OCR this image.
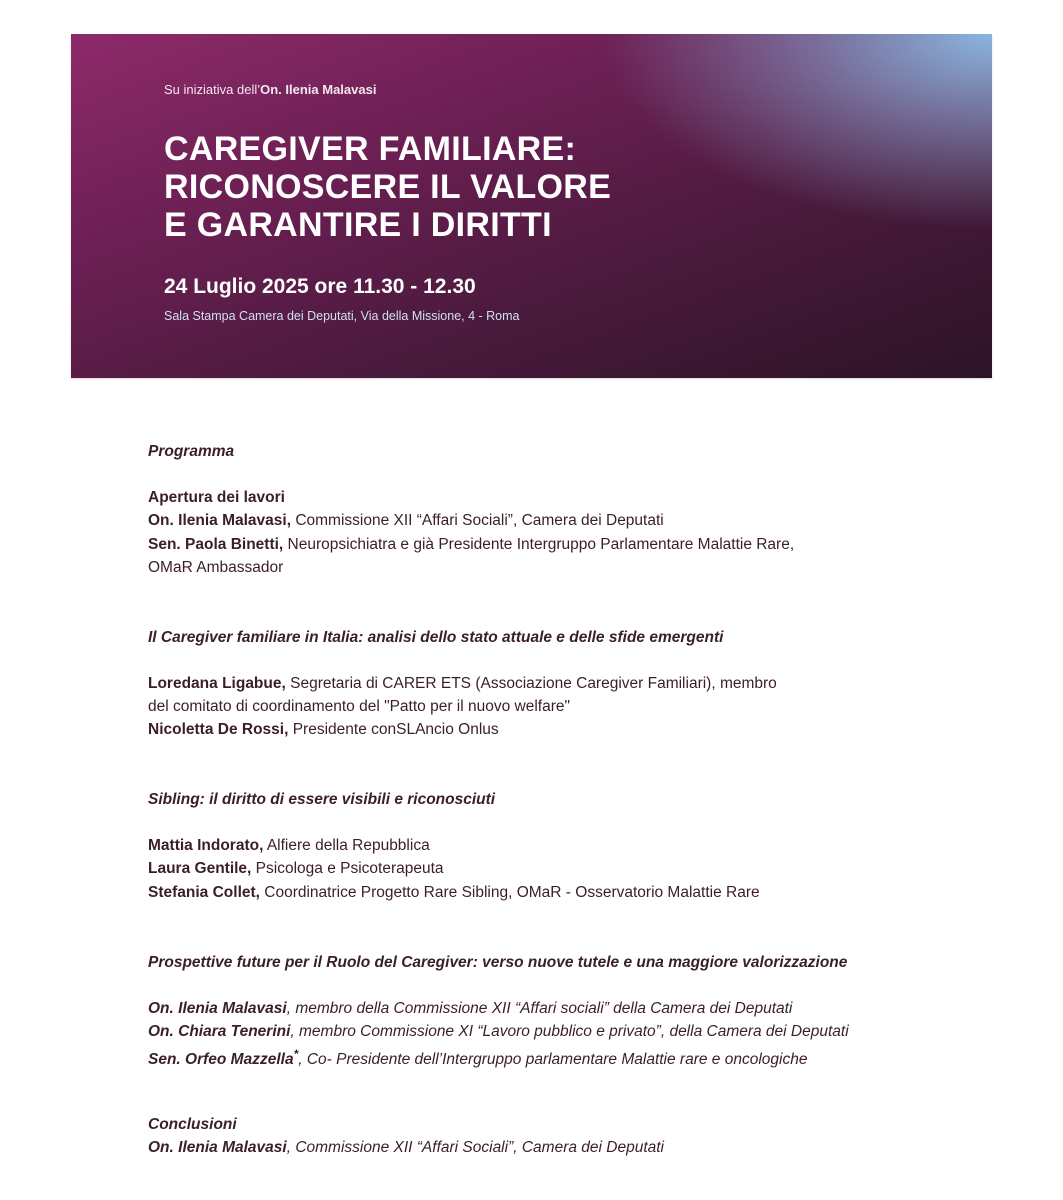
Su iniziativa dell’On. Ilenia Malavasi
CAREGIVER FAMILIARE:
RICONOSCERE IL VALORE
E GARANTIRE I DIRITTI
24 Luglio 2025 ore 11.30 - 12.30
Sala Stampa Camera dei Deputati, Via della Missione, 4 - Roma
Programma
Apertura dei lavori
On. Ilenia Malavasi, Commissione XII “Affari Sociali”, Camera dei Deputati
Sen. Paola Binetti, Neuropsichiatra e già Presidente Intergruppo Parlamentare Malattie Rare,
OMaR Ambassador
Il Caregiver familiare in Italia: analisi dello stato attuale e delle sfide emergenti
Loredana Ligabue, Segretaria di CARER ETS (Associazione Caregiver Familiari), membro
del comitato di coordinamento del "Patto per il nuovo welfare"
Nicoletta De Rossi, Presidente conSLAncio Onlus
Sibling: il diritto di essere visibili e riconosciuti
Mattia Indorato, Alfiere della Repubblica
Laura Gentile, Psicologa e Psicoterapeuta
Stefania Collet, Coordinatrice Progetto Rare Sibling, OMaR - Osservatorio Malattie Rare
Prospettive future per il Ruolo del Caregiver: verso nuove tutele e una maggiore valorizzazione
On. Ilenia Malavasi, membro della Commissione XII “Affari sociali” della Camera dei Deputati
On. Chiara Tenerini, membro Commissione XI “Lavoro pubblico e privato”, della Camera dei Deputati
Sen. Orfeo Mazzella*, Co- Presidente dell’Intergruppo parlamentare Malattie rare e oncologiche
Conclusioni
On. Ilenia Malavasi, Commissione XII “Affari Sociali”, Camera dei Deputati
